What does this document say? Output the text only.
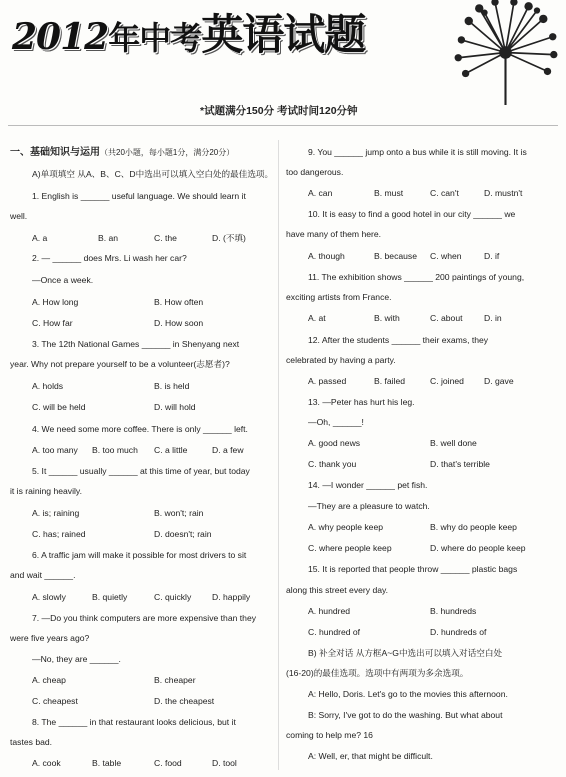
2012年中考英语试题
*试题满分150分 考试时间120分钟
一、基础知识与运用（共20小题，每小题1分，满分20分）
A)单项填空 从A、B、C、D中选出可以填入空白处的最佳选项。
1. English is ______ useful language. We should learn it
well.
A. a	B. an	C. the	D. (不填)
2. — ______ does Mrs. Li wash her car?
—Once a week.
A. How long	B. How often
C. How far	D. How soon
3. The 12th National Games ______ in Shenyang next
year. Why not prepare yourself to be a volunteer(志愿者)?
A. holds	B. is held
C. will be held	D. will hold
4. We need some more coffee. There is only ______ left.
A. too many B. too much C. a little	D. a few
5. It ______ usually ______ at this time of year, but today
it is raining heavily.
A. is; raining	B. won't; rain
C. has; rained	D. doesn't; rain
6. A traffic jam will make it possible for most drivers to sit
and wait ______.
A. slowly	B. quietly	C. quickly D. happily
7. —Do you think computers are more expensive than they
were five years ago?
—No, they are ______.
A. cheap	B. cheaper
C. cheapest	D. the cheapest
8. The ______ in that restaurant looks delicious, but it
tastes bad.
A. cook	B. table	C. food	D. tool
9. You ______ jump onto a bus while it is still moving. It is
too dangerous.
A. can	B. must	C. can't	D. mustn't
10. It is easy to find a good hotel in our city ______ we
have many of them here.
A. though	B. because C. when	D. if
11. The exhibition shows ______ 200 paintings of young,
exciting artists from France.
A. at	B. with	C. about	D. in
12. After the students ______ their exams, they
celebrated by having a party.
A. passed	B. failed	C. joined D. gave
13. —Peter has hurt his leg.
—Oh, ______!
A. good news	B. well done
C. thank you	D. that's terrible
14. —I wonder ______ pet fish.
—They are a pleasure to watch.
A. why people keep	B. why do people keep
C. where people keep	D. where do people keep
15. It is reported that people throw ______ plastic bags
along this street every day.
A. hundred	B. hundreds
C. hundred of	D. hundreds of
B) 补全对话 从方框A~G中选出可以填入对话空白处
(16-20)的最佳选项。选项中有两项为多余选项。
A: Hello, Doris. Let's go to the movies this afternoon.
B: Sorry, I've got to do the washing. But what about
coming to help me? 16
A: Well, er, that might be difficult.
